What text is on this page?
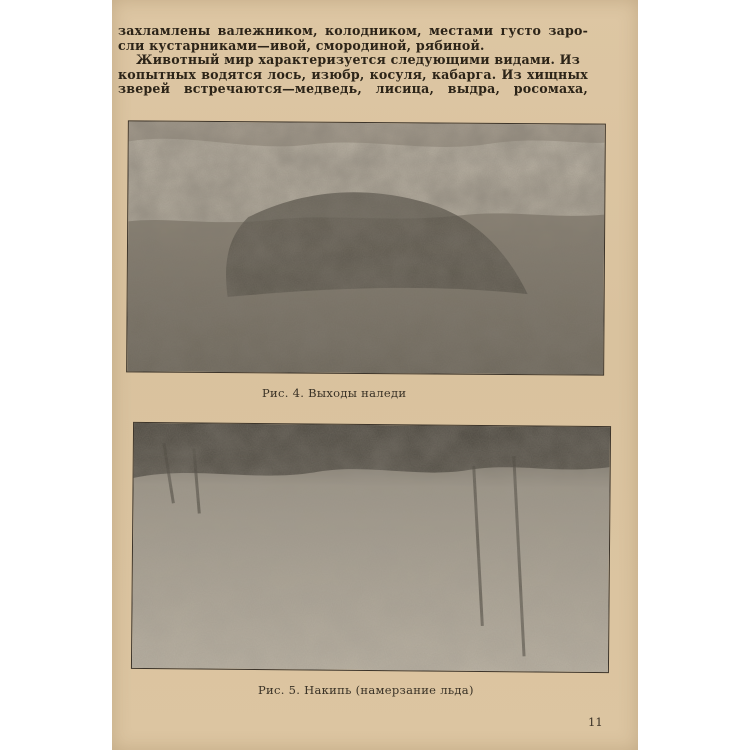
захламлены валежником, колодником, местами густо заро-
сли кустарниками—ивой, смородиной, рябиной.
Животный мир характеризуется следующими видами. Из
копытных водятся лось, изюбр, косуля, кабарга. Из хищных
зверей встречаются—медведь, лисица, выдра, росомаха,
Рис. 4. Выходы наледи
Рис. 5. Накипь (намерзание льда)
11
